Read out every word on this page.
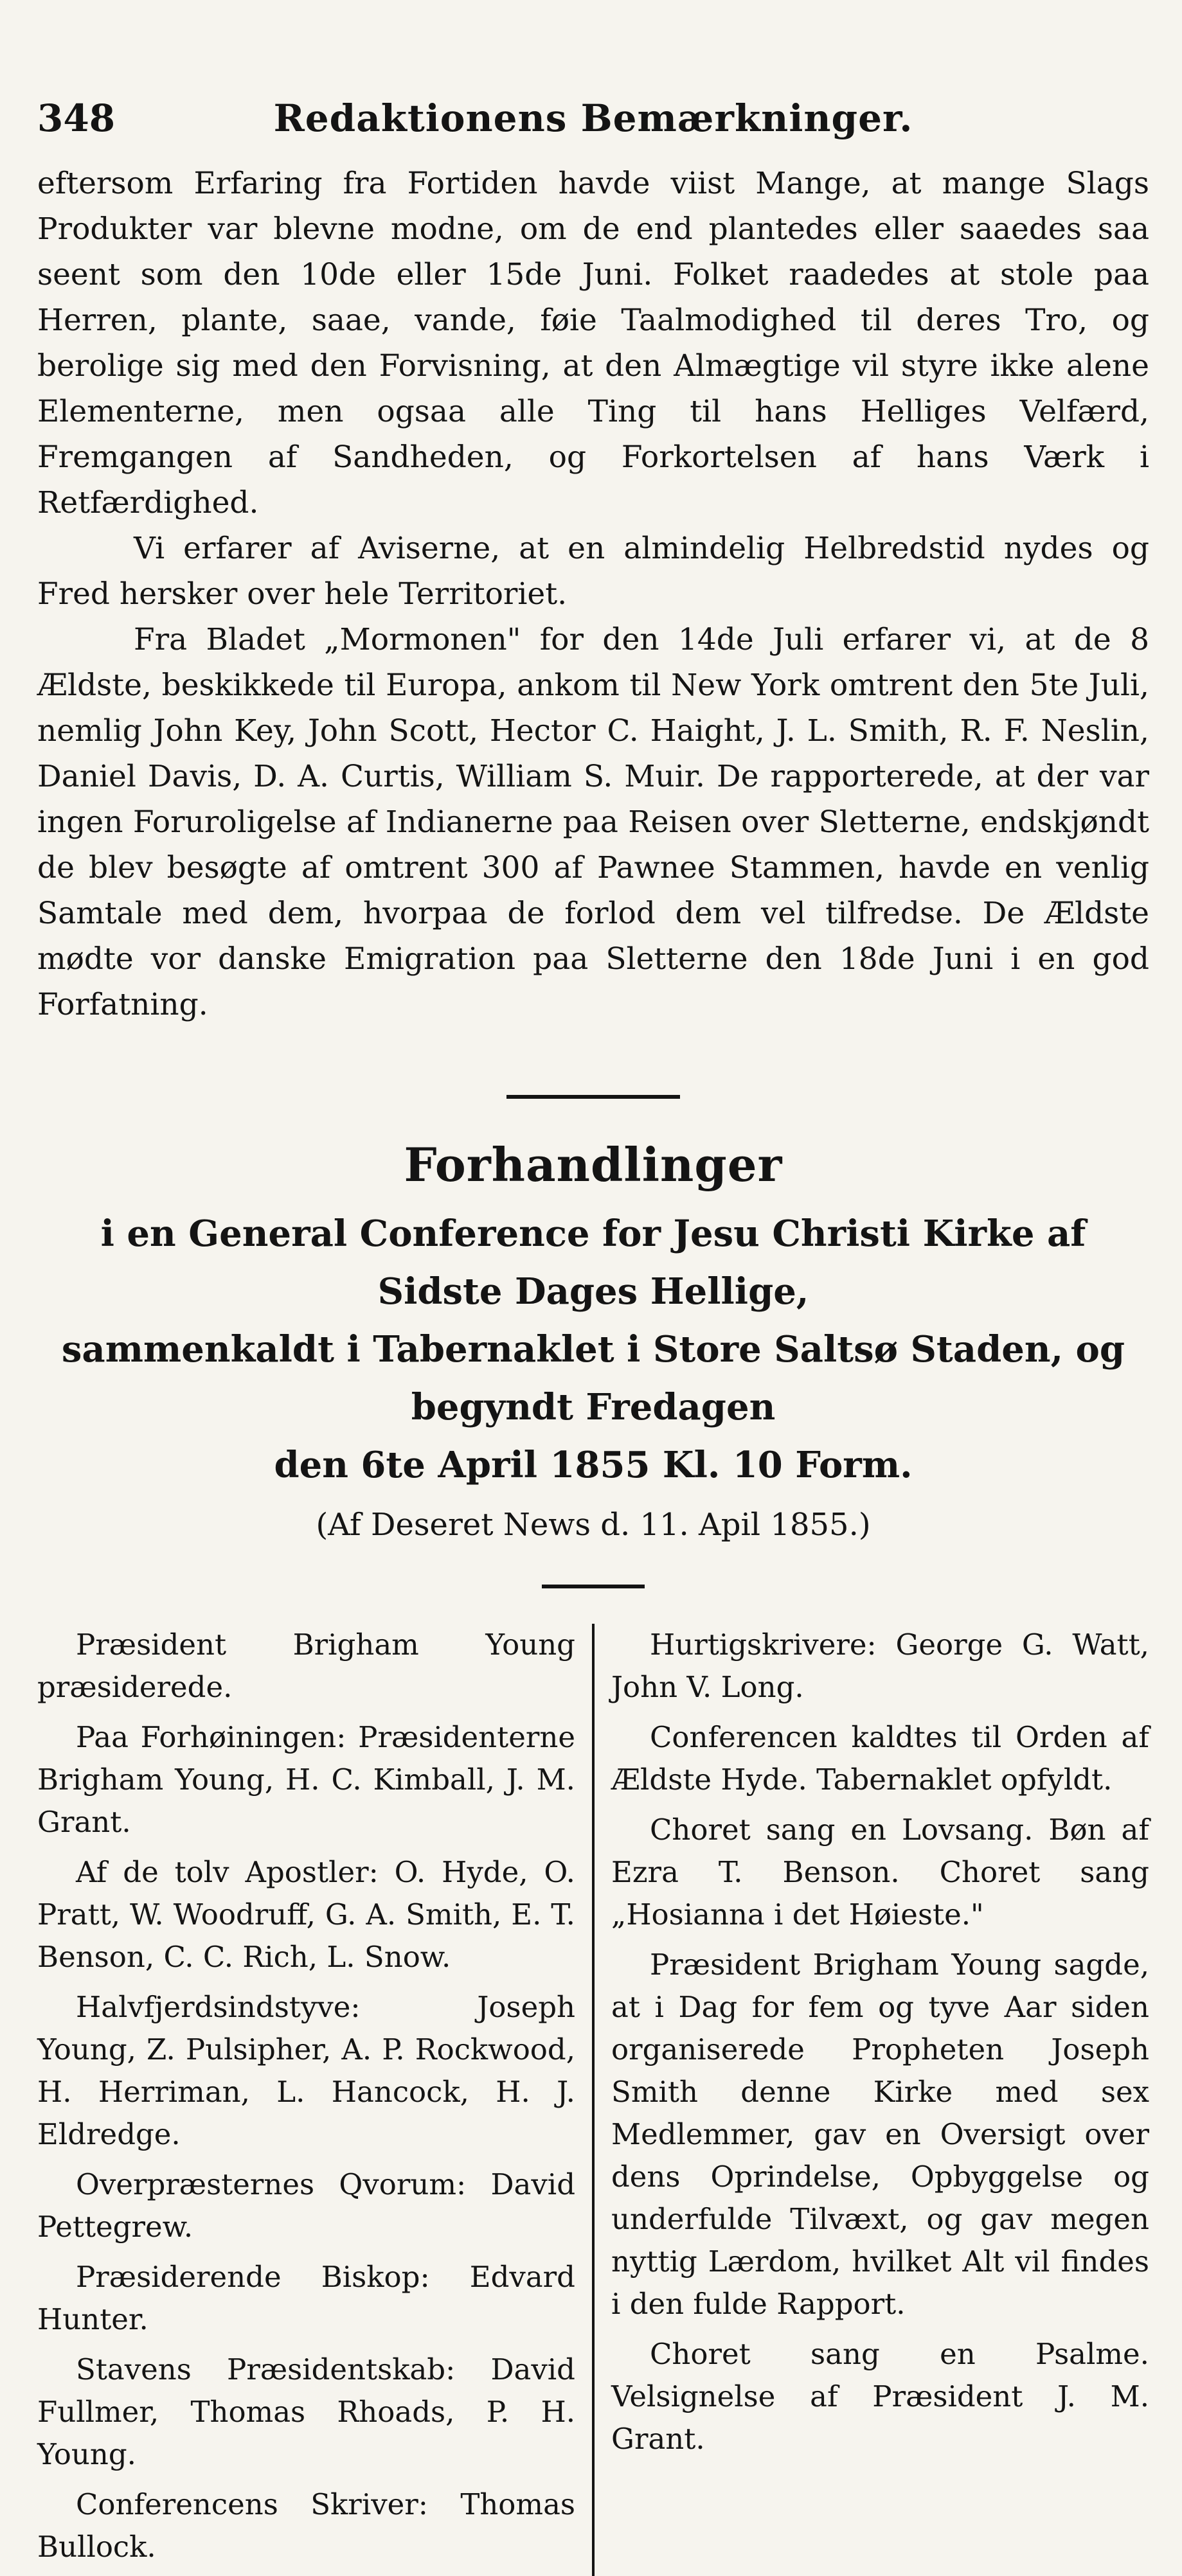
348	Redaktionens Bemærkninger.

eftersom Erfaring fra Fortiden havde viist Mange, at mange Slags Produkter var blevne modne, om de end plantedes eller saaedes saa seent som den 10de eller 15de Juni. Folket raadedes at stole paa Herren, plante, saae, vande, føie Taalmodighed til deres Tro, og berolige sig med den Forvisning, at den Almægtige vil styre ikke alene Elementerne, men ogsaa alle Ting til hans Helliges Velfærd, Fremgangen af Sandheden, og Forkortelsen af hans Værk i Retfærdighed.

Vi erfarer af Aviserne, at en almindelig Helbredstid nydes og Fred hersker over hele Territoriet.

Fra Bladet „Mormonen" for den 14de Juli erfarer vi, at de 8 Ældste, beskikkede til Europa, ankom til New York omtrent den 5te Juli, nemlig John Key, John Scott, Hector C. Haight, J. L. Smith, R. F. Neslin, Daniel Davis, D. A. Curtis, William S. Muir. De rapporterede, at der var ingen Foruroligelse af Indianerne paa Reisen over Sletterne, endskjøndt de blev besøgte af omtrent 300 af Pawnee Stammen, havde en venlig Samtale med dem, hvorpaa de forlod dem vel tilfredse. De Ældste mødte vor danske Emigration paa Sletterne den 18de Juni i en god Forfatning.

Forhandlinger
i en General Conference for Jesu Christi Kirke af Sidste Dages Hellige,
sammenkaldt i Tabernaklet i Store Saltsø Staden, og begyndt Fredagen
den 6te April 1855 Kl. 10 Form.
(Af Deseret News d. 11. Apil 1855.)

Præsident Brigham Young præsiderede.

Paa Forhøiningen: Præsidenterne Brigham Young, H. C. Kimball, J. M. Grant.

Af de tolv Apostler: O. Hyde, O. Pratt, W. Woodruff, G. A. Smith, E. T. Benson, C. C. Rich, L. Snow.

Halvfjerdsindstyve: Joseph Young, Z. Pulsipher, A. P. Rockwood, H. Herriman, L. Hancock, H. J. Eldredge.

Overpræsternes Qvorum: David Pettegrew.

Præsiderende Biskop: Edvard Hunter.

Stavens Præsidentskab: David Fullmer, Thomas Rhoads, P. H. Young.

Conferencens Skriver: Thomas Bullock.

Hurtigskrivere: George G. Watt, John V. Long.

Conferencen kaldtes til Orden af Ældste Hyde. Tabernaklet opfyldt.

Choret sang en Lovsang. Bøn af Ezra T. Benson. Choret sang „Hosianna i det Høieste."

Præsident Brigham Young sagde, at i Dag for fem og tyve Aar siden organiserede Propheten Joseph Smith denne Kirke med sex Medlemmer, gav en Oversigt over dens Oprindelse, Opbyggelse og underfulde Tilvæxt, og gav megen nyttig Lærdom, hvilket Alt vil findes i den fulde Rapport.

Choret sang en Psalme. Velsignelse af Præsident J. M. Grant.
